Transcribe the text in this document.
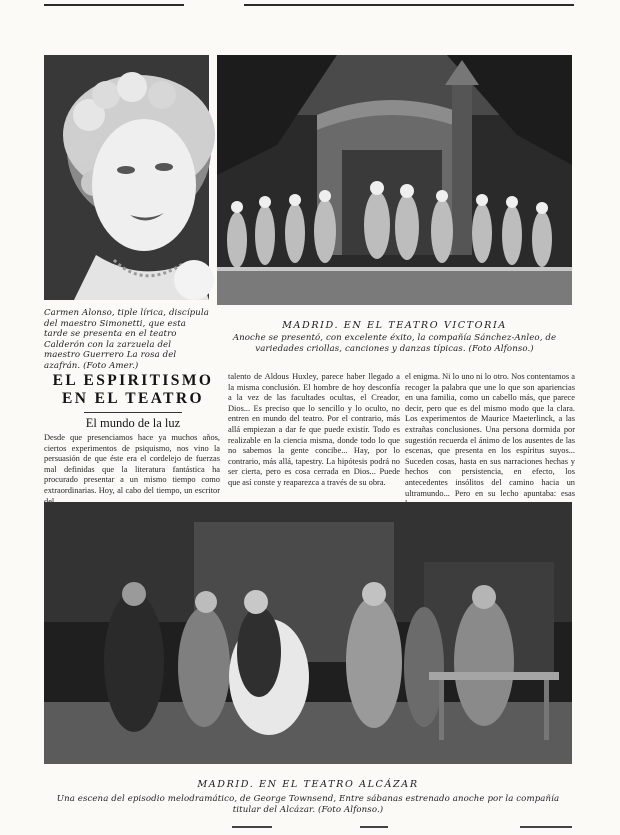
Carmen Alonso, tiple lírica, discípula del maestro Simonetti, que esta tarde se presenta en el teatro Calderón con la zarzuela del maestro Guerrero La rosa del azafrán. (Foto Amer.)
MADRID. EN EL TEATRO VICTORIA
Anoche se presentó, con excelente éxito, la compañía Sánchez-Anleo, de variedades criollas, canciones y danzas típicas. (Foto Alfonso.)
EL ESPIRITISMO
EN EL TEATRO
El mundo de la luz
Desde que presenciamos hace ya muchos años, ciertos experimentos de psiquismo, nos vino la persuasión de que éste era el cordelejo de fuerzas mal definidas que la literatura fantástica ha procurado presentar a un mismo tiempo como extraordinarias. Hoy, al cabo del tiempo, un escritor
talento de Aldous Huxley, parece haber llegado a la misma conclusión. El hombre de hoy desconfía a la vez de las facultades ocultas, el Creador, Dios... Es preciso que lo sencillo y lo oculto, no entren en mundo del teatro. Por el contrario, más allá empiezan a dar fe que puede existir. Todo es realizable en la ciencia misma, donde todo lo que no sabemos la gente concibe... Hay, por lo contrario, más allá, tapestry. La hipótesis podrá no ser cierta, pero es cosa cerrada en Dios... Puede que así conste y reaparezca a través de su obra.
el enigma. Ni lo uno ni lo otro. Nos contentamos a recoger la palabra que une lo que son apariencias en una familia, como un cabello más, que parece decir, pero que es del mismo modo que la clara. Los experimentos de Maurice Maeterlinck, a las extrañas conclusiones. Una persona dormida por sugestión recuerda el ánimo de los ausentes de las escenas, que presenta en los espíritus suyos... Suceden cosas, hasta en sus narraciones hechas y hechos con persistencia, en efecto, los antecedentes insólitos del camino hacia un ultramundo... Pero en su lecho apuntaba: esas
MADRID. EN EL TEATRO ALCÁZAR
Una escena del episodio melodramático, de George Townsend, Entre sábanas estrenado anoche por la compañía titular del Alcázar. (Foto Alfonso.)
